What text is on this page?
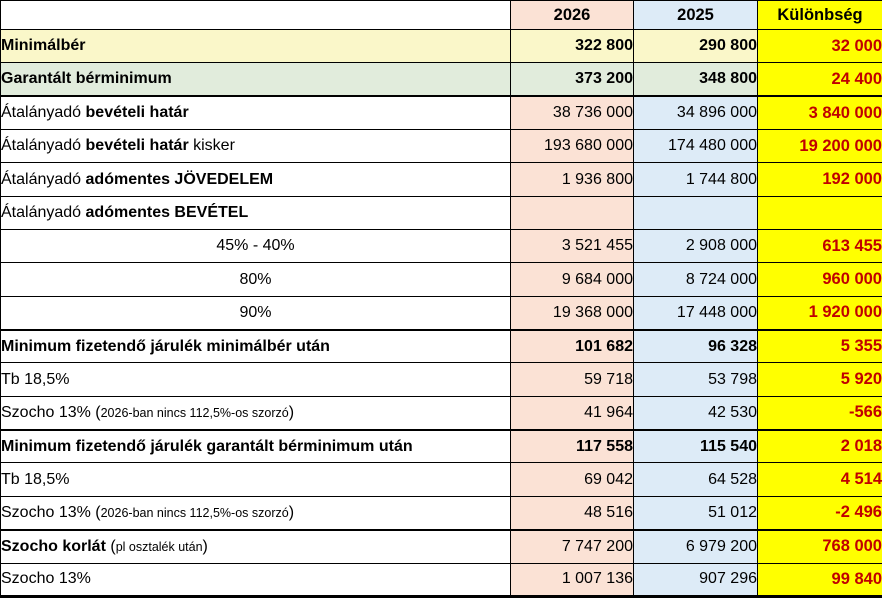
	2026	2025	Különbség
Minimálbér	322 800	290 800	32 000
Garantált bérminimum	373 200	348 800	24 400
Átalányadó bevételi határ	38 736 000	34 896 000	3 840 000
Átalányadó bevételi határ kisker	193 680 000	174 480 000	19 200 000
Átalányadó adómentes JÖVEDELEM	1 936 800	1 744 800	192 000
Átalányadó adómentes BEVÉTEL			
45% - 40%	3 521 455	2 908 000	613 455
80%	9 684 000	8 724 000	960 000
90%	19 368 000	17 448 000	1 920 000
Minimum fizetendő járulék minimálbér után	101 682	96 328	5 355
Tb 18,5%	59 718	53 798	5 920
Szocho 13% (2026-ban nincs 112,5%-os szorzó)	41 964	42 530	-566
Minimum fizetendő járulék garantált bérminimum után	117 558	115 540	2 018
Tb 18,5%	69 042	64 528	4 514
Szocho 13% (2026-ban nincs 112,5%-os szorzó)	48 516	51 012	-2 496
Szocho korlát (pl osztalék után)	7 747 200	6 979 200	768 000
Szocho 13%	1 007 136	907 296	99 840
